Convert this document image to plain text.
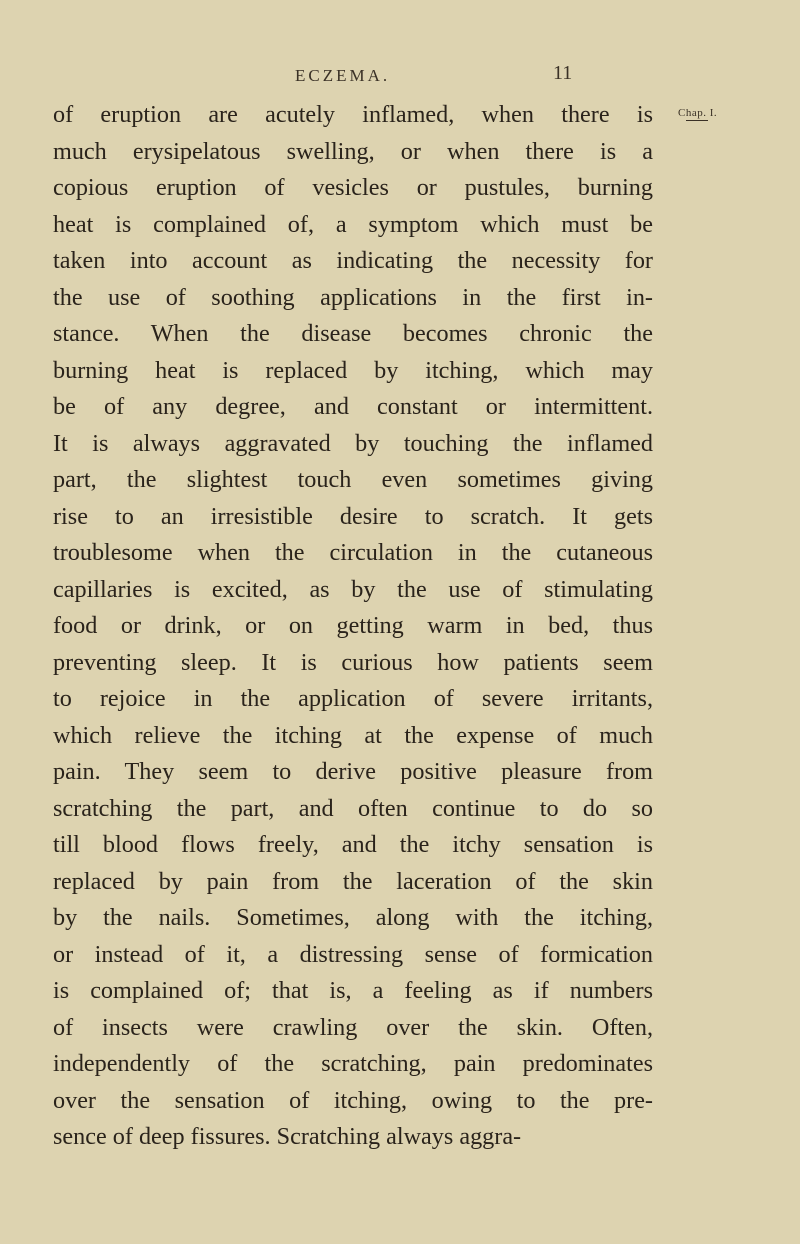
ECZEMA.	11
Chap. I.
of eruption are acutely inflamed, when there is
much erysipelatous swelling, or when there is a
copious eruption of vesicles or pustules, burning
heat is complained of, a symptom which must be
taken into account as indicating the necessity for
the use of soothing applications in the first in-
stance. When the disease becomes chronic the
burning heat is replaced by itching, which may
be of any degree, and constant or intermittent.
It is always aggravated by touching the inflamed
part, the slightest touch even sometimes giving
rise to an irresistible desire to scratch. It gets
troublesome when the circulation in the cutaneous
capillaries is excited, as by the use of stimulating
food or drink, or on getting warm in bed, thus
preventing sleep. It is curious how patients seem
to rejoice in the application of severe irritants,
which relieve the itching at the expense of much
pain. They seem to derive positive pleasure from
scratching the part, and often continue to do so
till blood flows freely, and the itchy sensation is
replaced by pain from the laceration of the skin
by the nails. Sometimes, along with the itching,
or instead of it, a distressing sense of formication
is complained of; that is, a feeling as if numbers
of insects were crawling over the skin. Often,
independently of the scratching, pain predominates
over the sensation of itching, owing to the pre-
sence of deep fissures. Scratching always aggra-
